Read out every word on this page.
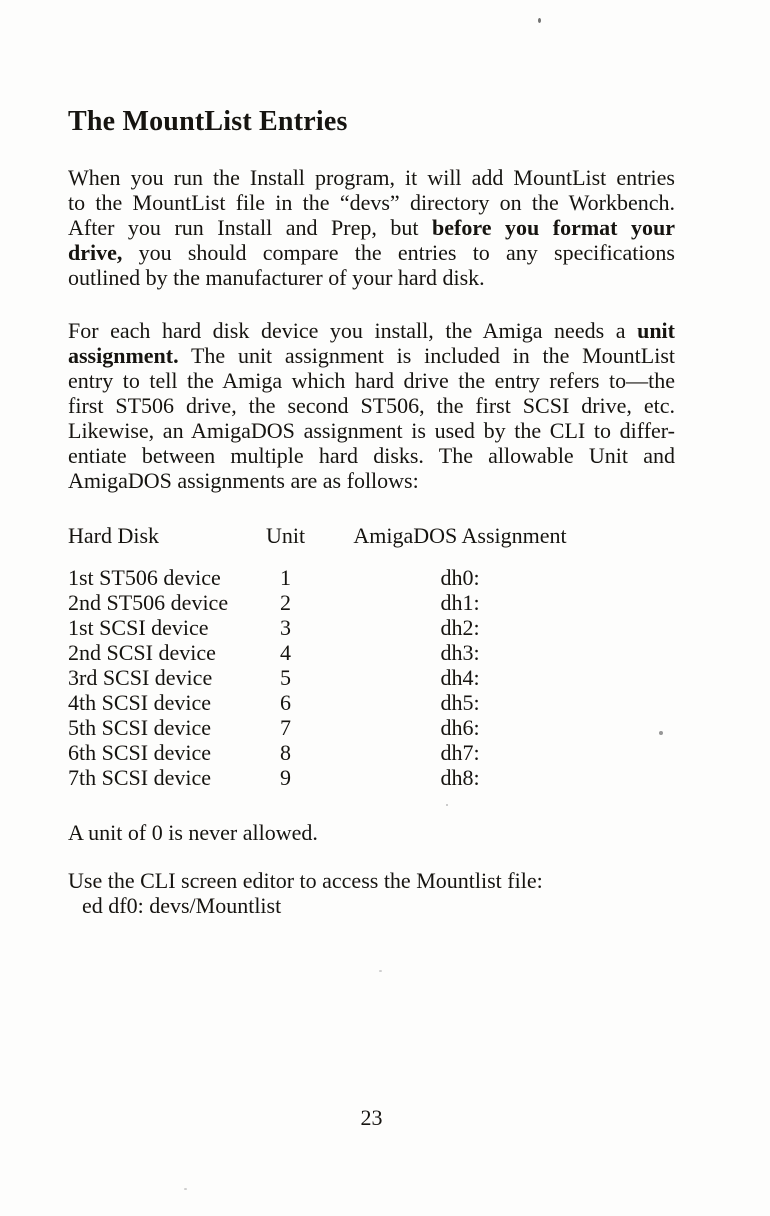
The MountList Entries
When you run the Install program, it will add MountList entries
to the MountList file in the “devs” directory on the Workbench.
After you run Install and Prep, but before you format your
drive, you should compare the entries to any specifications
outlined by the manufacturer of your hard disk.
For each hard disk device you install, the Amiga needs a unit
assignment. The unit assignment is included in the MountList
entry to tell the Amiga which hard drive the entry refers to—the
first ST506 drive, the second ST506, the first SCSI drive, etc.
Likewise, an AmigaDOS assignment is used by the CLI to differ-
entiate between multiple hard disks. The allowable Unit and
AmigaDOS assignments are as follows:
Hard Disk	Unit	AmigaDOS Assignment
1st ST506 device	1	dh0:
2nd ST506 device	2	dh1:
1st SCSI device	3	dh2:
2nd SCSI device	4	dh3:
3rd SCSI device	5	dh4:
4th SCSI device	6	dh5:
5th SCSI device	7	dh6:
6th SCSI device	8	dh7:
7th SCSI device	9	dh8:
A unit of 0 is never allowed.
Use the CLI screen editor to access the Mountlist file:
ed df0: devs/Mountlist
23
